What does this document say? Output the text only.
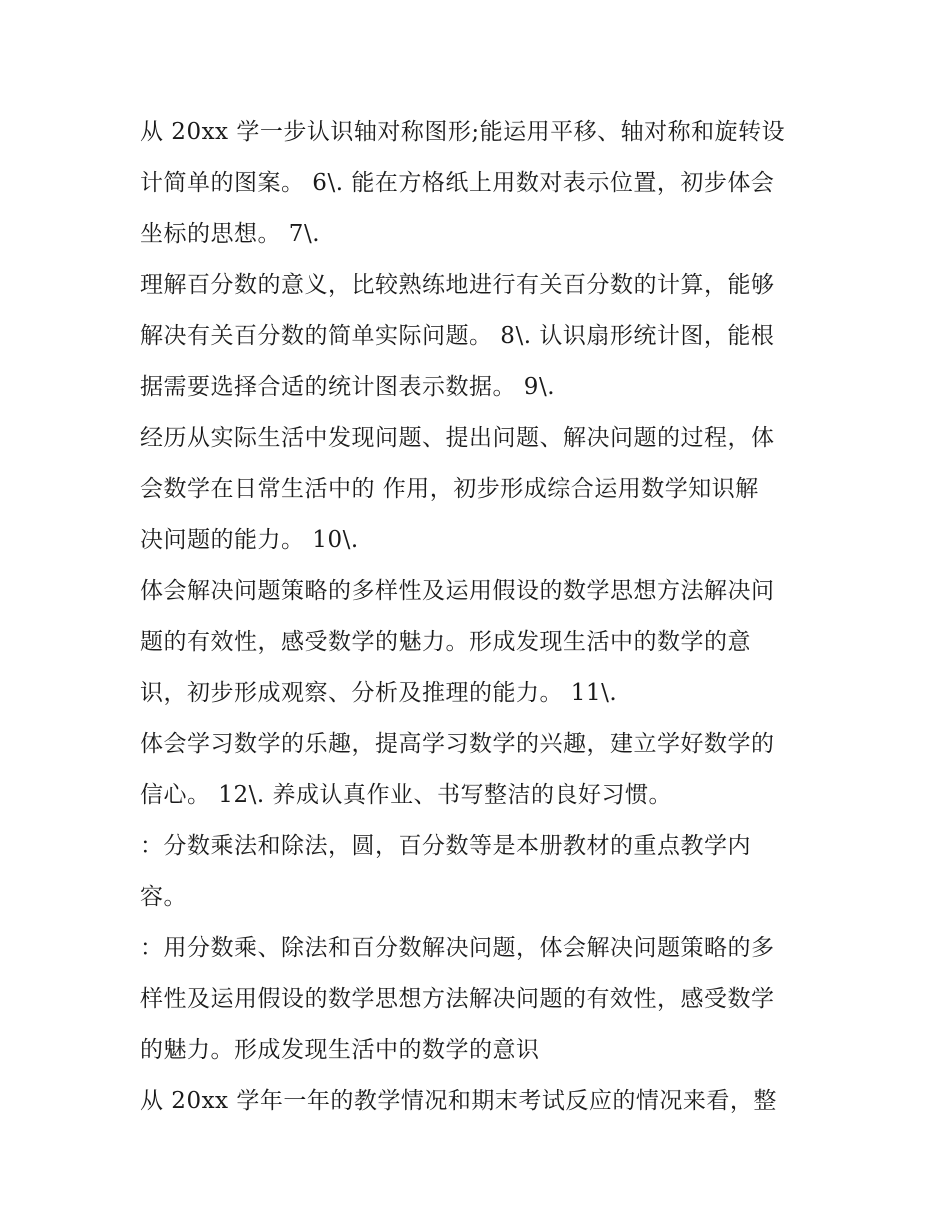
从 20xx 学一步认识轴对称图形;能运用平移、轴对称和旋转设
计简单的图案。 6\. 能在方格纸上用数对表示位置，初步体会
坐标的思想。 7\.
理解百分数的意义，比较熟练地进行有关百分数的计算，能够
解决有关百分数的简单实际问题。 8\. 认识扇形统计图，能根
据需要选择合适的统计图表示数据。 9\.
经历从实际生活中发现问题、提出问题、解决问题的过程，体
会数学在日常生活中的 作用，初步形成综合运用数学知识解
决问题的能力。 10\.
体会解决问题策略的多样性及运用假设的数学思想方法解决问
题的有效性，感受数学的魅力。形成发现生活中的数学的意
识，初步形成观察、分析及推理的能力。 11\.
体会学习数学的乐趣，提高学习数学的兴趣，建立学好数学的
信心。 12\. 养成认真作业、书写整洁的良好习惯。
：分数乘法和除法，圆，百分数等是本册教材的重点教学内
容。
：用分数乘、除法和百分数解决问题，体会解决问题策略的多
样性及运用假设的数学思想方法解决问题的有效性，感受数学
的魅力。形成发现生活中的数学的意识
从 20xx 学年一年的教学情况和期末考试反应的情况来看，整
